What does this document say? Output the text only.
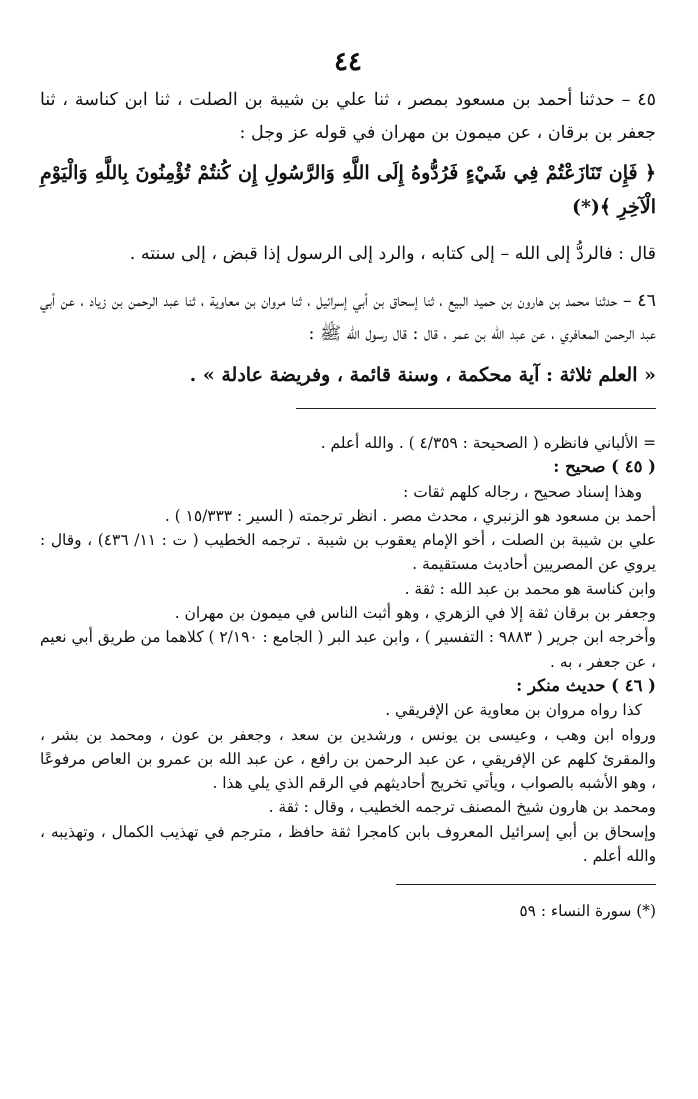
٤٤

٤٥ – حدثنا أحمد بن مسعود بمصر ، ثنا علي بن شيبة بن الصلت ، ثنا ابن كناسة ، ثنا جعفر بن برقان ، عن ميمون بن مهران في قوله عز وجل :

﴿ فَإِن تَنَازَعْتُمْ فِي شَيْءٍ فَرُدُّوهُ إِلَى اللَّهِ وَالرَّسُولِ إِن كُنتُمْ تُؤْمِنُونَ بِاللَّهِ وَالْيَوْمِ الْآخِرِ ﴾(*)

قال : فالردُّ إلى الله – إلى كتابه ، والرد إلى الرسول إذا قبض ، إلى سنته .

٤٦ – حدثنا محمد بن هارون بن حميد البيع ، ثنا إسحاق بن أبي إسرائيل ، ثنا مروان بن معاوية ، ثنا عبد الرحمن بن زياد ، عن أبي عبد الرحمن المعافري ، عن عبد الله بن عمر ، قال : قال رسول الله ﷺ :

« العلم ثلاثة : آية محكمة ، وسنة قائمة ، وفريضة عادلة » .

= الألباني فانظره ( الصحيحة : ٤/٣٥٩ ) . والله أعلم .

( ٤٥ ) صحيح :

وهذا إسناد صحيح ، رجاله كلهم ثقات :

أحمد بن مسعود هو الزنبري ، محدث مصر . انظر ترجمته ( السير : ١٥/٣٣٣ ) .

علي بن شيبة بن الصلت ، أخو الإمام يعقوب بن شيبة . ترجمه الخطيب ( ت : ١١/ ٤٣٦) ، وقال : يروي عن المصريين أحاديث مستقيمة .

وابن كناسة هو محمد بن عبد الله : ثقة .

وجعفر بن برقان ثقة إلا في الزهري ، وهو أثبت الناس في ميمون بن مهران .

وأخرجه ابن جرير ( ٩٨٨٣ : التفسير ) ، وابن عبد البر ( الجامع : ٢/١٩٠ ) كلاهما من طريق أبي نعيم ، عن جعفر ، به .

( ٤٦ ) حديث منكر :

كذا رواه مروان بن معاوية عن الإفريقي .

ورواه ابن وهب ، وعيسى بن يونس ، ورشدين بن سعد ، وجعفر بن عون ، ومحمد بن بشر ، والمقرئ كلهم عن الإفريقي ، عن عبد الرحمن بن رافع ، عن عبد الله بن عمرو بن العاص مرفوعًا ، وهو الأشبه بالصواب ، ويأتي تخريج أحاديثهم في الرقم الذي يلي هذا .

ومحمد بن هارون شيخ المصنف ترجمه الخطيب ، وقال : ثقة .

وإسحاق بن أبي إسرائيل المعروف بابن كامجرا ثقة حافظ ، مترجم في تهذيب الكمال ، وتهذيبه ، والله أعلم .

(*) سورة النساء : ٥٩
